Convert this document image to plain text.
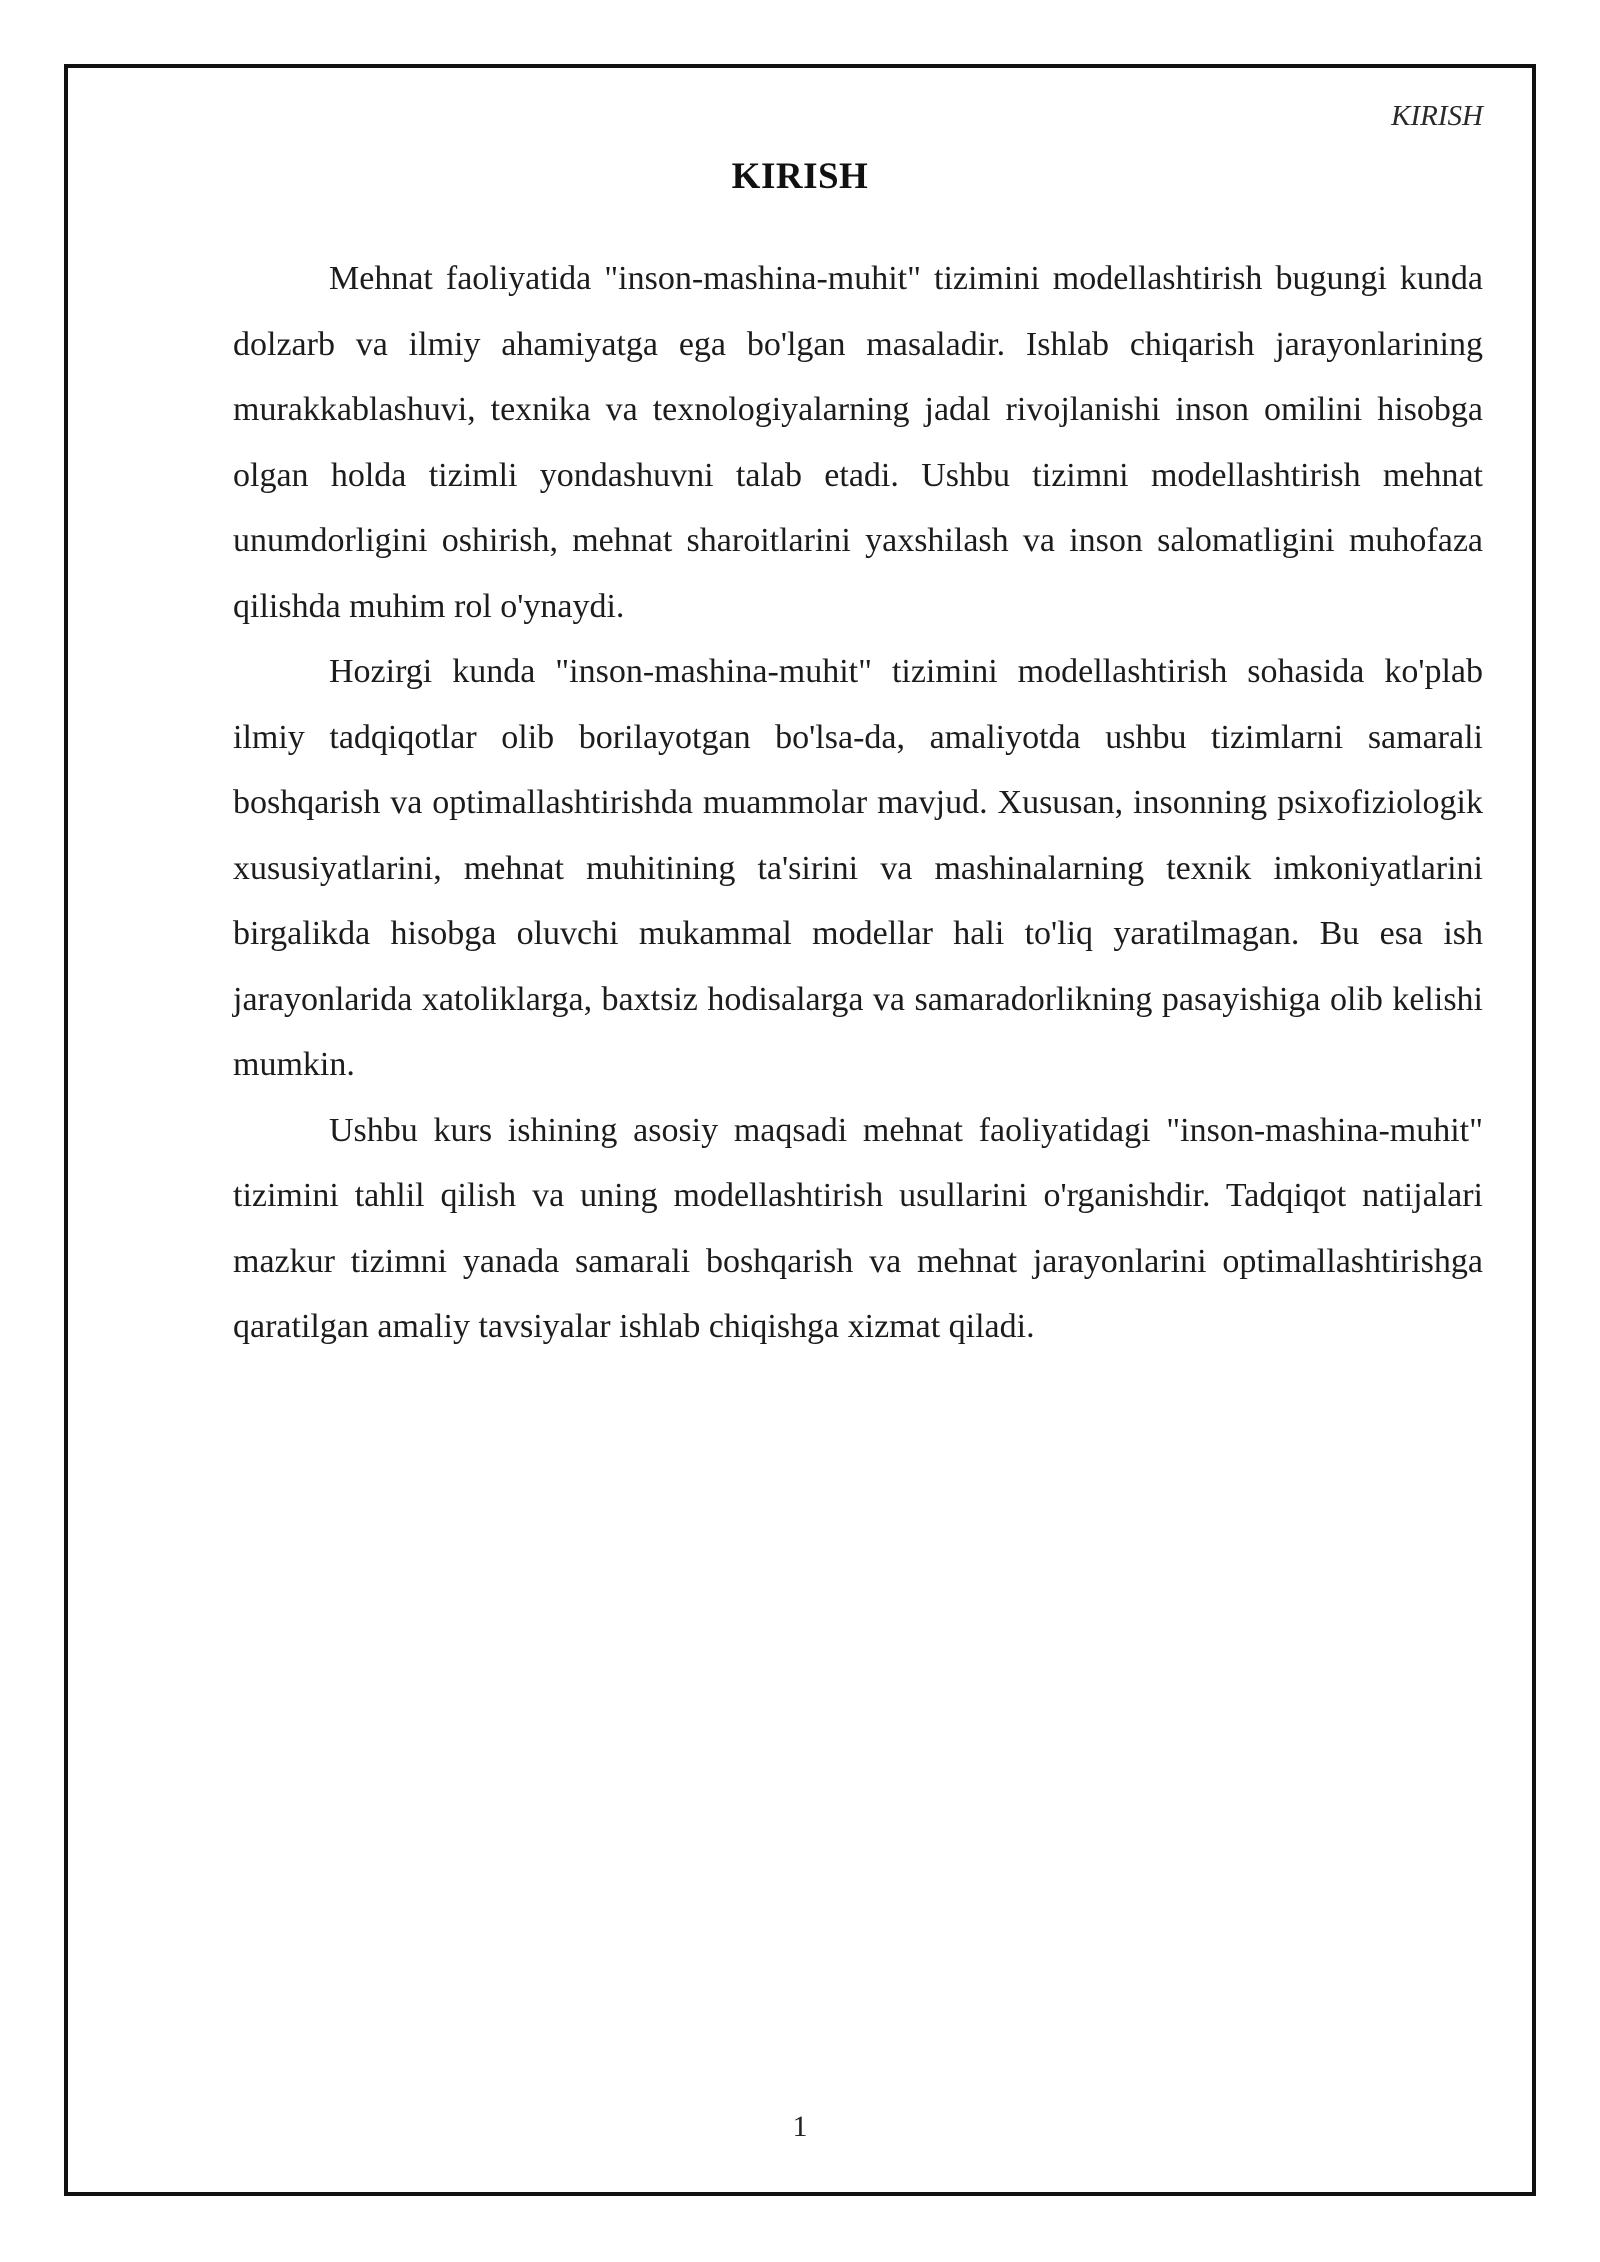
KIRISH
KIRISH

Mehnat faoliyatida "inson-mashina-muhit" tizimini modellashtirish bugungi kunda dolzarb va ilmiy ahamiyatga ega bo'lgan masaladir. Ishlab chiqarish jarayonlarining murakkablashuvi, texnika va texnologiyalarning jadal rivojlanishi inson omilini hisobga olgan holda tizimli yondashuvni talab etadi. Ushbu tizimni modellashtirish mehnat unumdorligini oshirish, mehnat sharoitlarini yaxshilash va inson salomatligini muhofaza qilishda muhim rol o'ynaydi.

Hozirgi kunda "inson-mashina-muhit" tizimini modellashtirish sohasida ko'plab ilmiy tadqiqotlar olib borilayotgan bo'lsa-da, amaliyotda ushbu tizimlarni samarali boshqarish va optimallashtirishda muammolar mavjud. Xususan, insonning psixofiziologik xususiyatlarini, mehnat muhitining ta'sirini va mashinalarning texnik imkoniyatlarini birgalikda hisobga oluvchi mukammal modellar hali to'liq yaratilmagan. Bu esa ish jarayonlarida xatoliklarga, baxtsiz hodisalarga va samaradorlikning pasayishiga olib kelishi mumkin.

Ushbu kurs ishining asosiy maqsadi mehnat faoliyatidagi "inson-mashina-muhit" tizimini tahlil qilish va uning modellashtirish usullarini o'rganishdir. Tadqiqot natijalari mazkur tizimni yanada samarali boshqarish va mehnat jarayonlarini optimallashtirishga qaratilgan amaliy tavsiyalar ishlab chiqishga xizmat qiladi.

1
